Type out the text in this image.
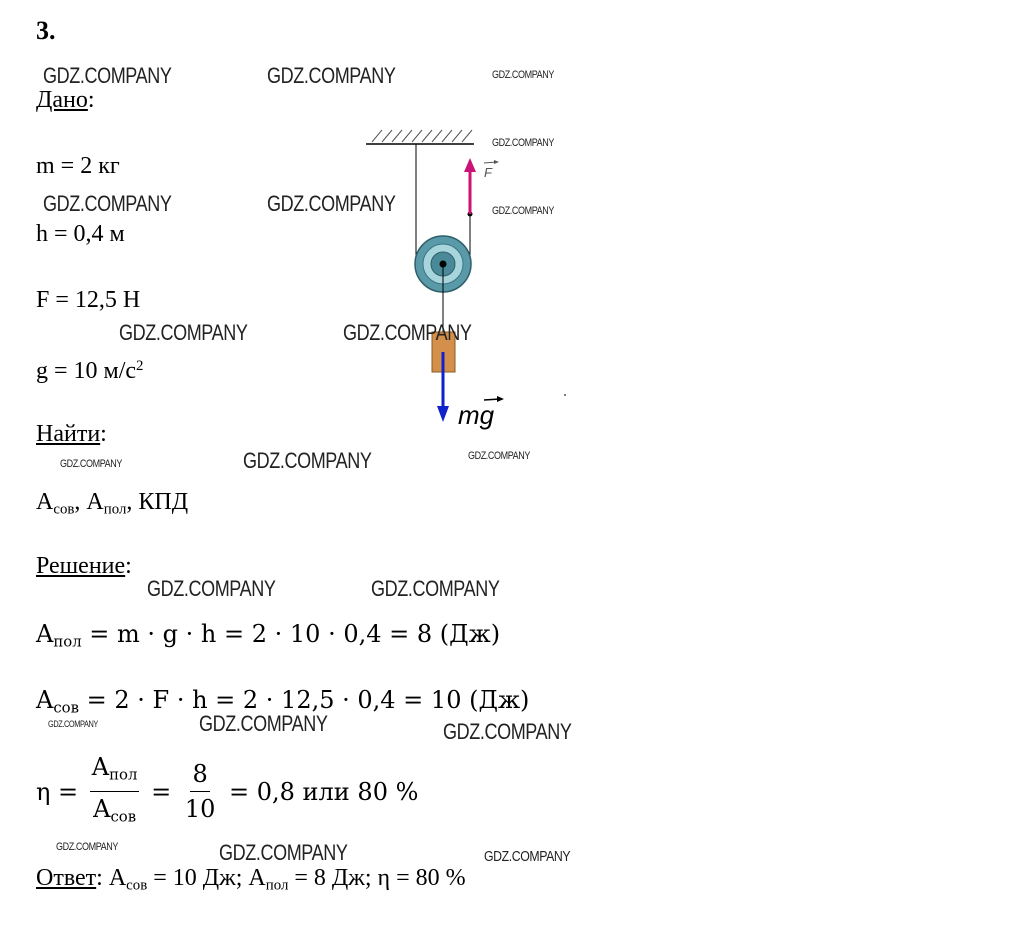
3.
Дано:
m = 2 кг
h = 0,4 м
F = 12,5 Н
g = 10 $м/с^2$
Найти:
$A_{сов}$, $A_{пол}$, КПД
Решение:
$A_{пол} = m \cdot g \cdot h = 2 \cdot 10 \cdot 0,4 = 8$ (Дж)
$A_{сов} = 2 \cdot F \cdot h = 2 \cdot 12,5 \cdot 0,4 = 10$ (Дж)
$\eta = \frac{A_{пол}}{A_{сов}} = \frac{8}{10} = 0,8$ или 80 %
Ответ: $A_{сов} = 10$ Дж; $A_{пол} = 8$ Дж; η = 80 %
F
mg
GDZ.COMPANY	GDZ.COMPANY	GDZ.COMPANY
GDZ.COMPANY
GDZ.COMPANY	GDZ.COMPANY	GDZ.COMPANY
GDZ.COMPANY	GDZ.COMPANY
GDZ.COMPANY	GDZ.COMPANY	GDZ.COMPANY
GDZ.COMPANY	GDZ.COMPANY
GDZ.COMPANY	GDZ.COMPANY	GDZ.COMPANY
GDZ.COMPANY	GDZ.COMPANY	GDZ.COMPANY
